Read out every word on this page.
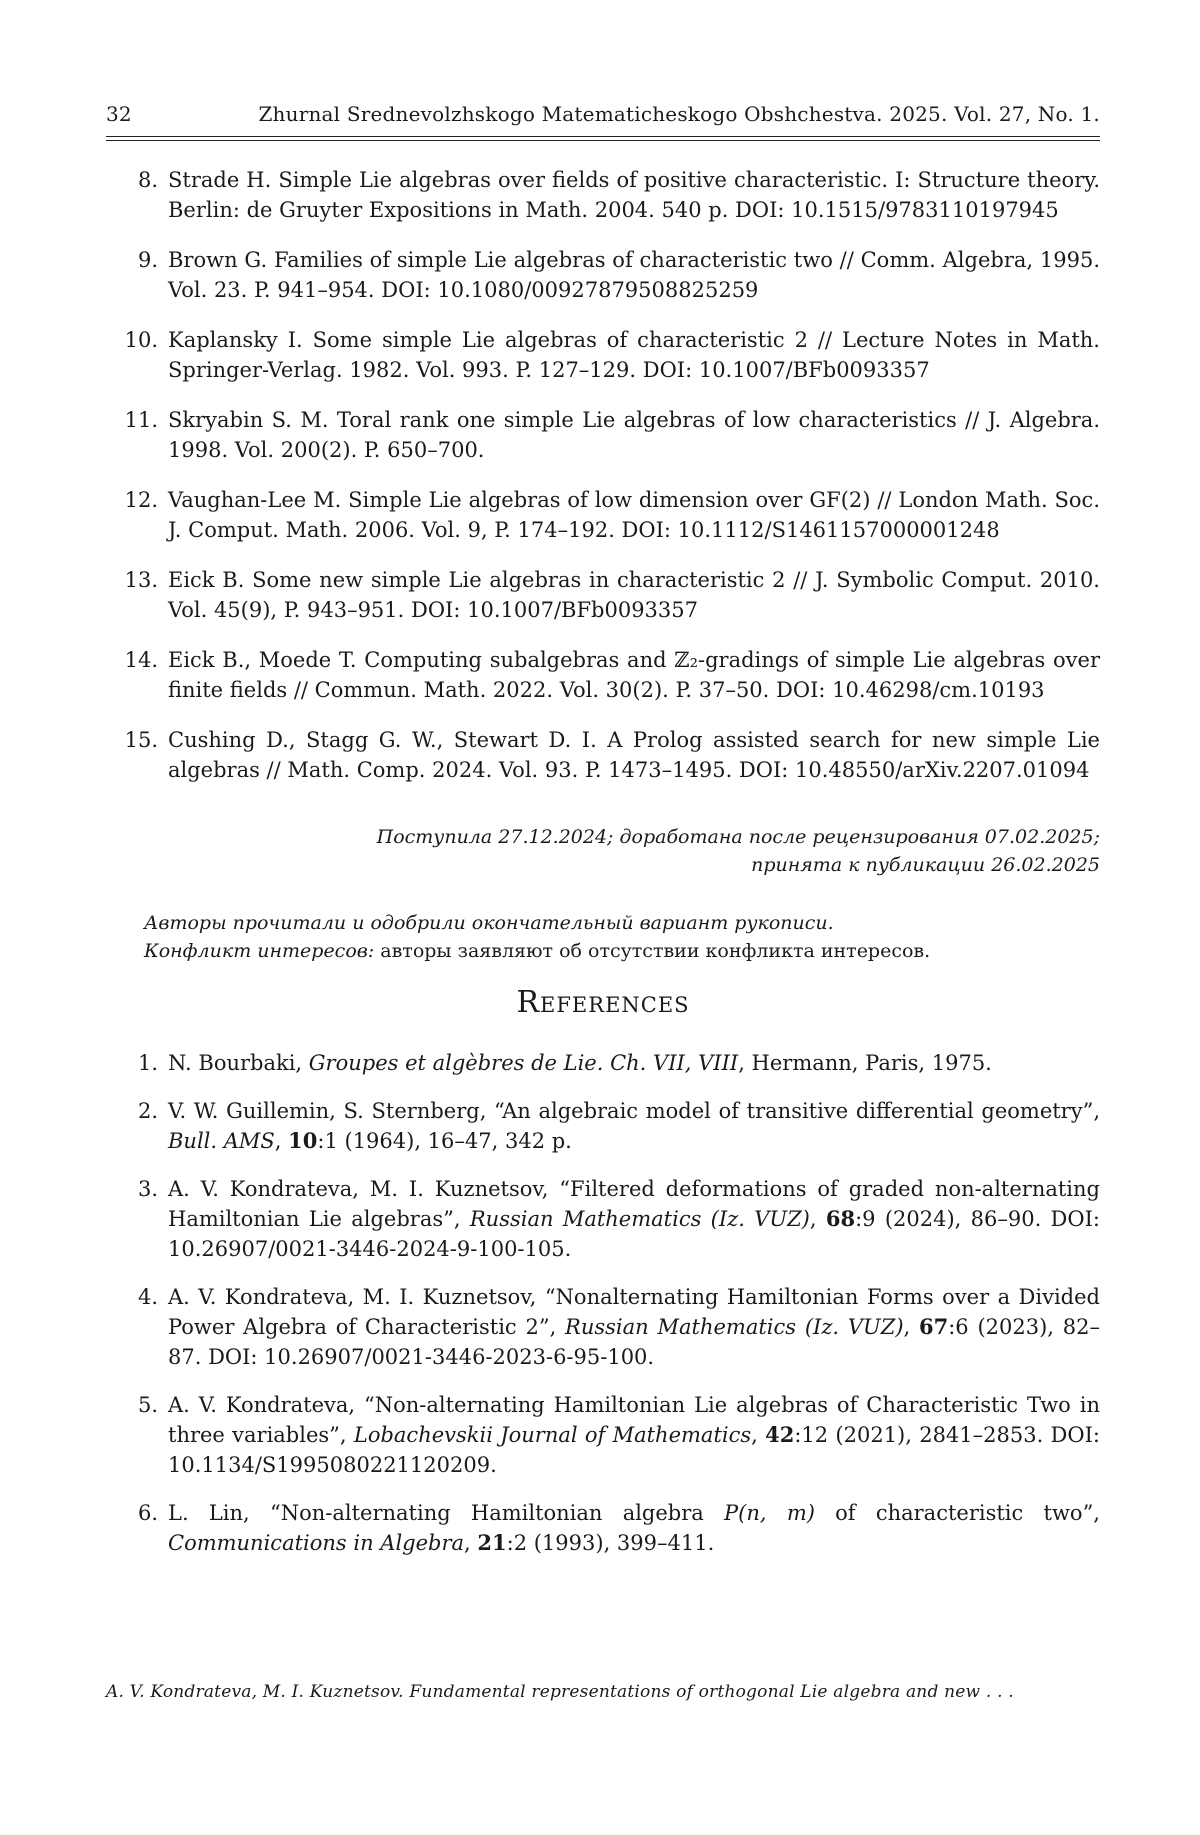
32	Zhurnal Srednevolzhskogo Matematicheskogo Obshchestva. 2025. Vol. 27, No. 1.
8. Strade H. Simple Lie algebras over fields of positive characteristic. I: Structure theory. Berlin: de Gruyter Expositions in Math. 2004. 540 p. DOI: 10.1515/9783110197945
9. Brown G. Families of simple Lie algebras of characteristic two // Comm. Algebra, 1995. Vol. 23. P. 941–954. DOI: 10.1080/00927879508825259
10. Kaplansky I. Some simple Lie algebras of characteristic 2 // Lecture Notes in Math. Springer-Verlag. 1982. Vol. 993. P. 127–129. DOI: 10.1007/BFb0093357
11. Skryabin S. M. Toral rank one simple Lie algebras of low characteristics // J. Algebra. 1998. Vol. 200(2). P. 650–700.
12. Vaughan-Lee M. Simple Lie algebras of low dimension over GF(2) // London Math. Soc. J. Comput. Math. 2006. Vol. 9, P. 174–192. DOI: 10.1112/S1461157000001248
13. Eick B. Some new simple Lie algebras in characteristic 2 // J. Symbolic Comput. 2010. Vol. 45(9), P. 943–951. DOI: 10.1007/BFb0093357
14. Eick B., Moede T. Computing subalgebras and ℤ₂-gradings of simple Lie algebras over finite fields // Commun. Math. 2022. Vol. 30(2). P. 37–50. DOI: 10.46298/cm.10193
15. Cushing D., Stagg G. W., Stewart D. I. A Prolog assisted search for new simple Lie algebras // Math. Comp. 2024. Vol. 93. P. 1473–1495. DOI: 10.48550/arXiv.2207.01094
Поступила 27.12.2024; доработана после рецензирования 07.02.2025;
принята к публикации 26.02.2025
Авторы прочитали и одобрили окончательный вариант рукописи.
Конфликт интересов: авторы заявляют об отсутствии конфликта интересов.
References
1. N. Bourbaki, Groupes et algèbres de Lie. Ch. VII, VIII, Hermann, Paris, 1975.
2. V. W. Guillemin, S. Sternberg, “An algebraic model of transitive differential geometry”, Bull. AMS, 10:1 (1964), 16–47, 342 p.
3. A. V. Kondrateva, M. I. Kuznetsov, “Filtered deformations of graded non-alternating Hamiltonian Lie algebras”, Russian Mathematics (Iz. VUZ), 68:9 (2024), 86–90. DOI: 10.26907/0021-3446-2024-9-100-105.
4. A. V. Kondrateva, M. I. Kuznetsov, “Nonalternating Hamiltonian Forms over a Divided Power Algebra of Characteristic 2”, Russian Mathematics (Iz. VUZ), 67:6 (2023), 82–87. DOI: 10.26907/0021-3446-2023-6-95-100.
5. A. V. Kondrateva, “Non-alternating Hamiltonian Lie algebras of Characteristic Two in three variables”, Lobachevskii Journal of Mathematics, 42:12 (2021), 2841–2853. DOI: 10.1134/S1995080221120209.
6. L. Lin, “Non-alternating Hamiltonian algebra P(n, m) of characteristic two”, Communications in Algebra, 21:2 (1993), 399–411.
A. V. Kondrateva, M. I. Kuznetsov. Fundamental representations of orthogonal Lie algebra and new . . .
